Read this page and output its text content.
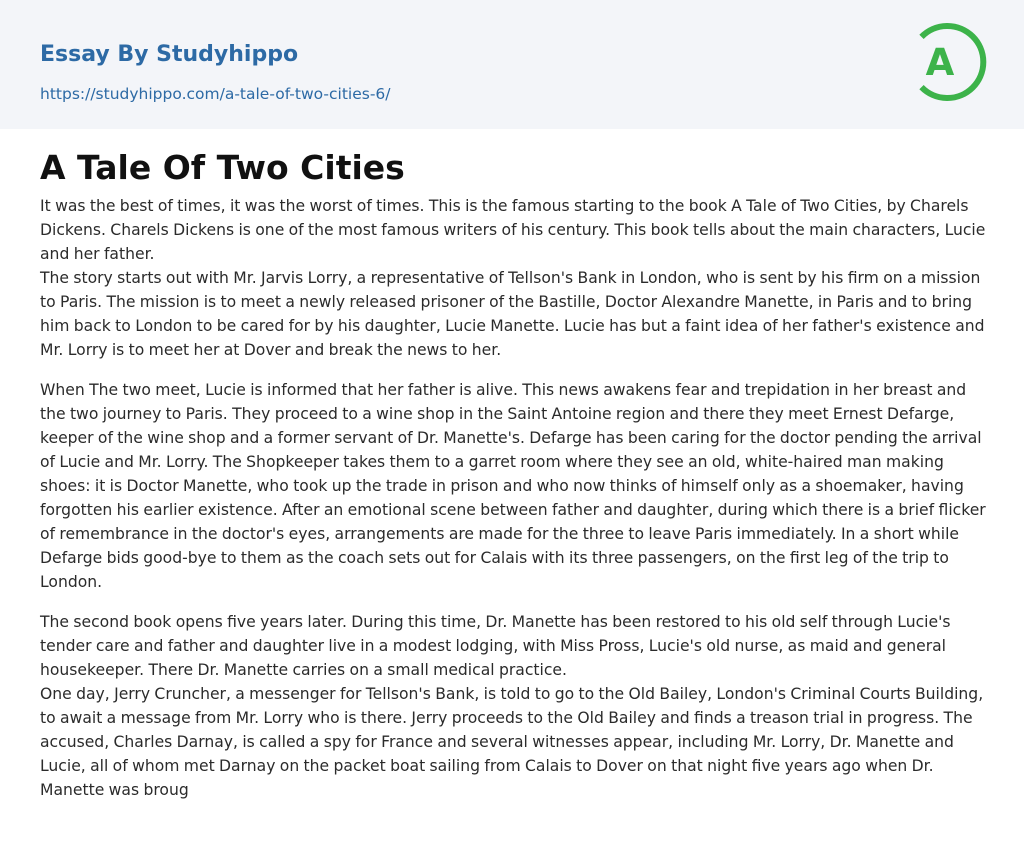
Essay By Studyhippo
https://studyhippo.com/a-tale-of-two-cities-6/
A
A Tale Of Two Cities

It was the best of times, it was the worst of times. This is the famous starting to the book A Tale of Two Cities, by Charels Dickens. Charels Dickens is one of the most famous writers of his century. This book tells about the main characters, Lucie and her father.

The story starts out with Mr. Jarvis Lorry, a representative of Tellson's Bank in London, who is sent by his firm on a mission to Paris. The mission is to meet a newly released prisoner of the Bastille, Doctor Alexandre Manette, in Paris and to bring him back to London to be cared for by his daughter, Lucie Manette. Lucie has but a faint idea of her father's existence and Mr. Lorry is to meet her at Dover and break the news to her.

When The two meet, Lucie is informed that her father is alive. This news awakens fear and trepidation in her breast and the two journey to Paris. They proceed to a wine shop in the Saint Antoine region and there they meet Ernest Defarge, keeper of the wine shop and a former servant of Dr. Manette's. Defarge has been caring for the doctor pending the arrival of Lucie and Mr. Lorry. The Shopkeeper takes them to a garret room where they see an old, white-haired man making shoes: it is Doctor Manette, who took up the trade in prison and who now thinks of himself only as a shoemaker, having forgotten his earlier existence. After an emotional scene between father and daughter, during which there is a brief flicker of remembrance in the doctor's eyes, arrangements are made for the three to leave Paris immediately. In a short while Defarge bids good-bye to them as the coach sets out for Calais with its three passengers, on the first leg of the trip to London.

The second book opens five years later. During this time, Dr. Manette has been restored to his old self through Lucie's tender care and father and daughter live in a modest lodging, with Miss Pross, Lucie's old nurse, as maid and general housekeeper. There Dr. Manette carries on a small medical practice.

One day, Jerry Cruncher, a messenger for Tellson's Bank, is told to go to the Old Bailey, London's Criminal Courts Building, to await a message from Mr. Lorry who is there. Jerry proceeds to the Old Bailey and finds a treason trial in progress. The accused, Charles Darnay, is called a spy for France and several witnesses appear, including Mr. Lorry, Dr. Manette and Lucie, all of whom met Darnay on the packet boat sailing from Calais to Dover on that night five years ago when Dr. Manette was broug
